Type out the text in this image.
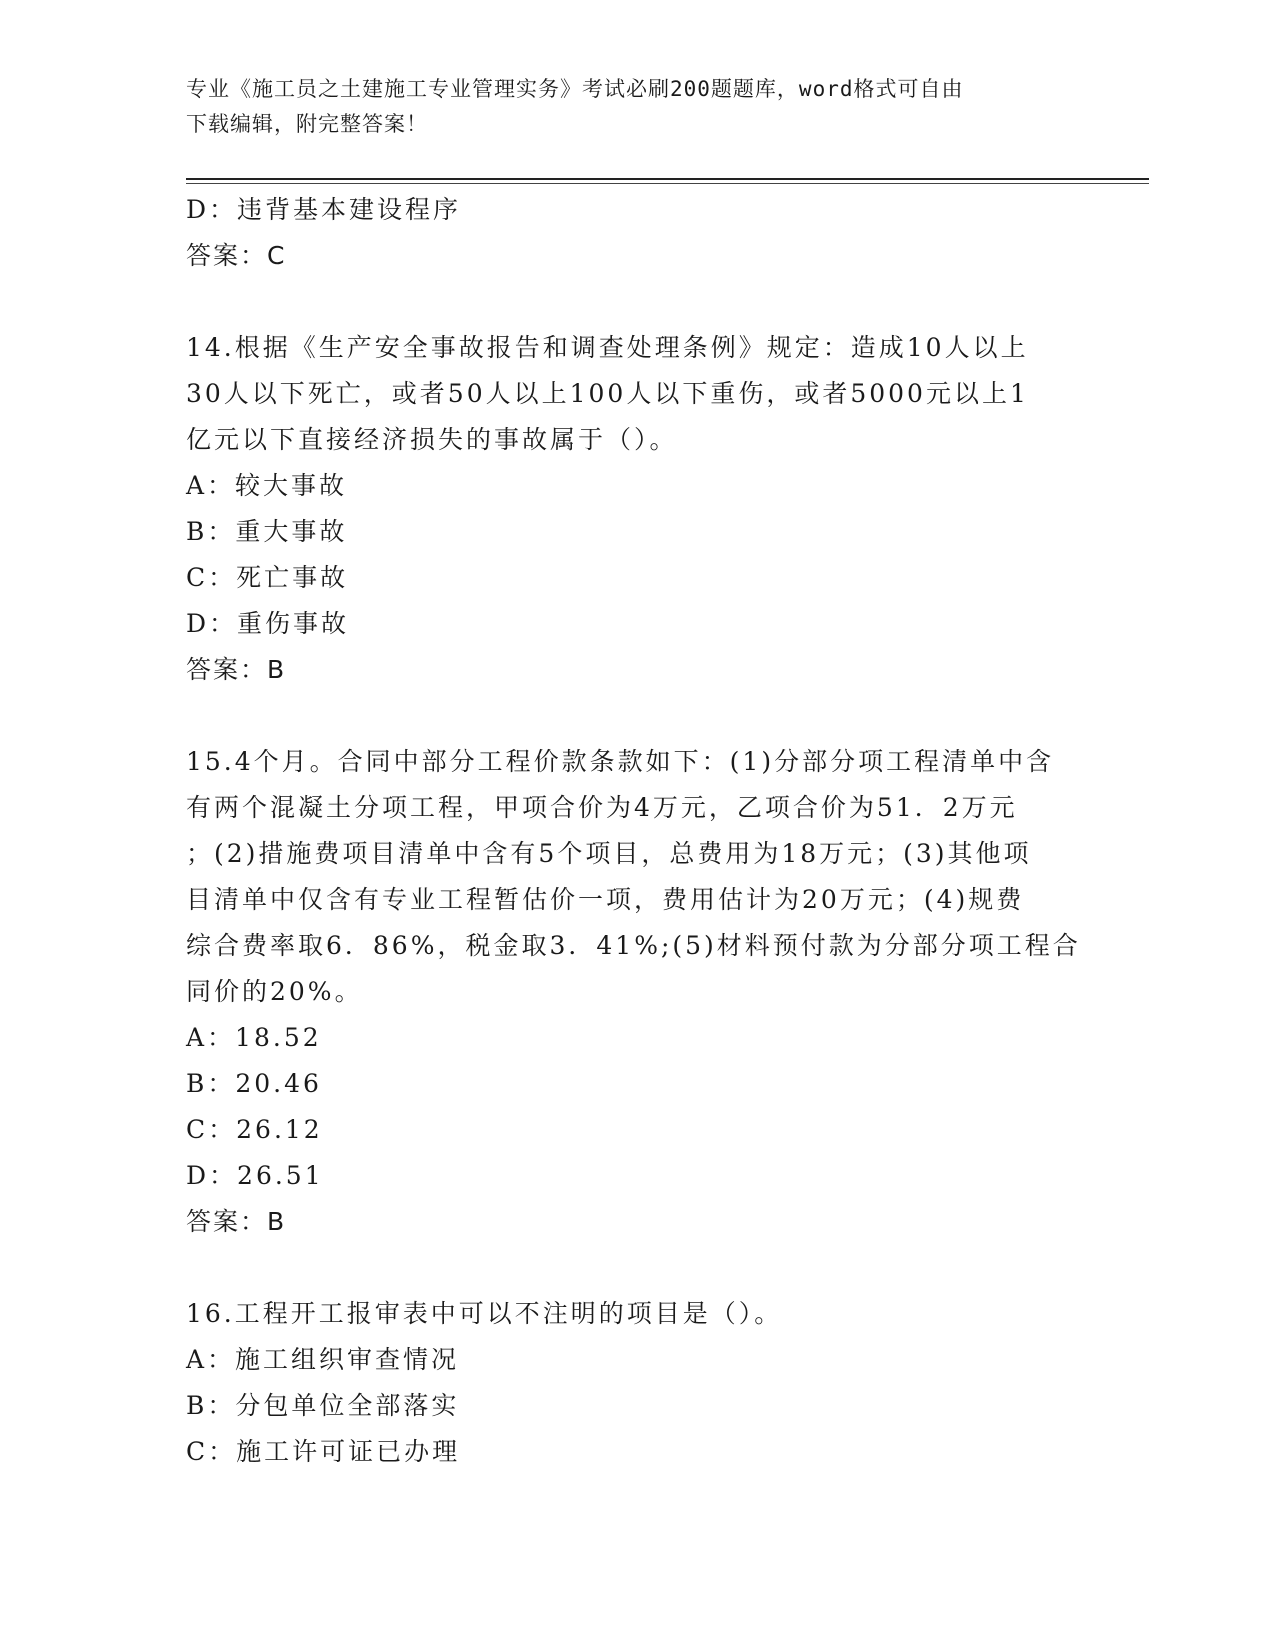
专业《施工员之土建施工专业管理实务》考试必刷200题题库，word格式可自由
下载编辑，附完整答案！
D：违背基本建设程序
答案：C
14.根据《生产安全事故报告和调查处理条例》规定：造成10人以上
30人以下死亡，或者50人以上100人以下重伤，或者5000元以上1
亿元以下直接经济损失的事故属于（）。
A：较大事故
B：重大事故
C：死亡事故
D：重伤事故
答案：B
15.4个月。合同中部分工程价款条款如下：(1)分部分项工程清单中含
有两个混凝土分项工程，甲项合价为4万元，乙项合价为51．2万元
；(2)措施费项目清单中含有5个项目，总费用为18万元；(3)其他项
目清单中仅含有专业工程暂估价一项，费用估计为20万元；(4)规费
综合费率取6．86%，税金取3．41%;(5)材料预付款为分部分项工程合
同价的20%。
A：18.52
B：20.46
C：26.12
D：26.51
答案：B
16.工程开工报审表中可以不注明的项目是（）。
A：施工组织审查情况
B：分包单位全部落实
C：施工许可证已办理
